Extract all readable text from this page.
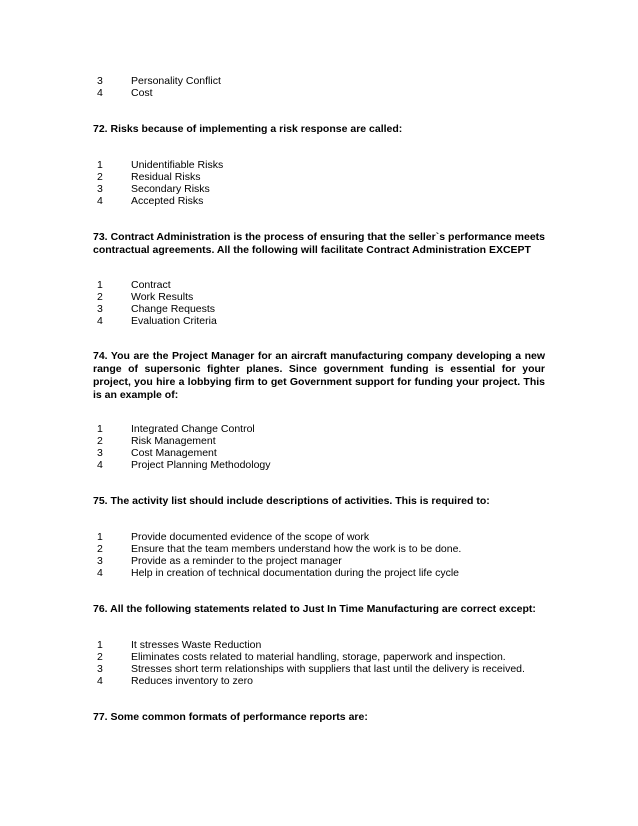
3	Personality Conflict
4	Cost
72. Risks because of implementing a risk response are called:
1	Unidentifiable Risks
2	Residual Risks
3	Secondary Risks
4	Accepted Risks
73. Contract Administration is the process of ensuring that the seller`s performance meets contractual agreements. All the following will facilitate Contract Administration EXCEPT
1	Contract
2	Work Results
3	Change Requests
4	Evaluation Criteria
74. You are the Project Manager for an aircraft manufacturing company developing a new range of supersonic fighter planes. Since government funding is essential for your project, you hire a lobbying firm to get Government support for funding your project. This is an example of:
1	Integrated Change Control
2	Risk Management
3	Cost Management
4	Project Planning Methodology
75. The activity list should include descriptions of activities. This is required to:
1	Provide documented evidence of the scope of work
2	Ensure that the team members understand how the work is to be done.
3	Provide as a reminder to the project manager
4	Help in creation of technical documentation during the project life cycle
76. All the following statements related to Just In Time Manufacturing are correct except:
1	It stresses Waste Reduction
2	Eliminates costs related to material handling, storage, paperwork and inspection.
3	Stresses short term relationships with suppliers that last until the delivery is received.
4	Reduces inventory to zero
77. Some common formats of performance reports are:
